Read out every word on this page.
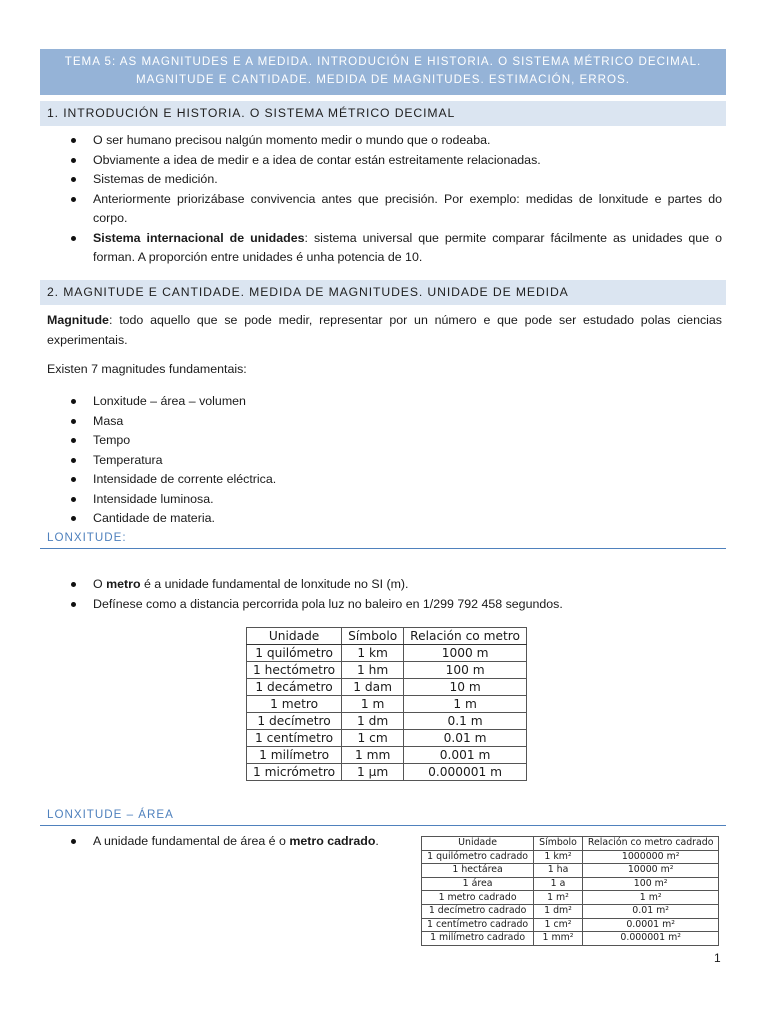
TEMA 5: AS MAGNITUDES E A MEDIDA. INTRODUCIÓN E HISTORIA. O SISTEMA MÉTRICO DECIMAL.
MAGNITUDE E CANTIDADE. MEDIDA DE MAGNITUDES. ESTIMACIÓN, ERROS.
1. INTRODUCIÓN E HISTORIA. O SISTEMA MÉTRICO DECIMAL
O ser humano precisou nalgún momento medir o mundo que o rodeaba.
Obviamente a idea de medir e a idea de contar están estreitamente relacionadas.
Sistemas de medición.
Anteriormente priorizábase convivencia antes que precisión. Por exemplo: medidas de lonxitude e partes do corpo.
Sistema internacional de unidades: sistema universal que permite comparar fácilmente as unidades que o forman. A proporción entre unidades é unha potencia de 10.
2. MAGNITUDE E CANTIDADE. MEDIDA DE MAGNITUDES. UNIDADE DE MEDIDA
Magnitude: todo aquello que se pode medir, representar por un número e que pode ser estudado polas ciencias experimentais.
Existen 7 magnitudes fundamentais:
Lonxitude – área – volumen
Masa
Tempo
Temperatura
Intensidade de corrente eléctrica.
Intensidade luminosa.
Cantidade de materia.
LONXITUDE:
O metro é a unidade fundamental de lonxitude no SI (m).
Defínese como a distancia percorrida pola luz no baleiro en 1/299 792 458 segundos.
Unidade	Símbolo	Relación co metro
1 quilómetro	1 km	1000 m
1 hectómetro	1 hm	100 m
1 decámetro	1 dam	10 m
1 metro	1 m	1 m
1 decímetro	1 dm	0.1 m
1 centímetro	1 cm	0.01 m
1 milímetro	1 mm	0.001 m
1 micrómetro	1 μm	0.000001 m
LONXITUDE – ÁREA
A unidade fundamental de área é o metro cadrado.	Unidade	Símbolo	Relación co metro cadrado
1 quilómetro cadrado	1 km²	1000000 m²
1 hectárea	1 ha	10000 m²
1 área	1 a	100 m²
1 metro cadrado	1 m²	1 m²
1 decímetro cadrado	1 dm²	0.01 m²
1 centímetro cadrado	1 cm²	0.0001 m²
1 milímetro cadrado	1 mm²	0.000001 m²
1
